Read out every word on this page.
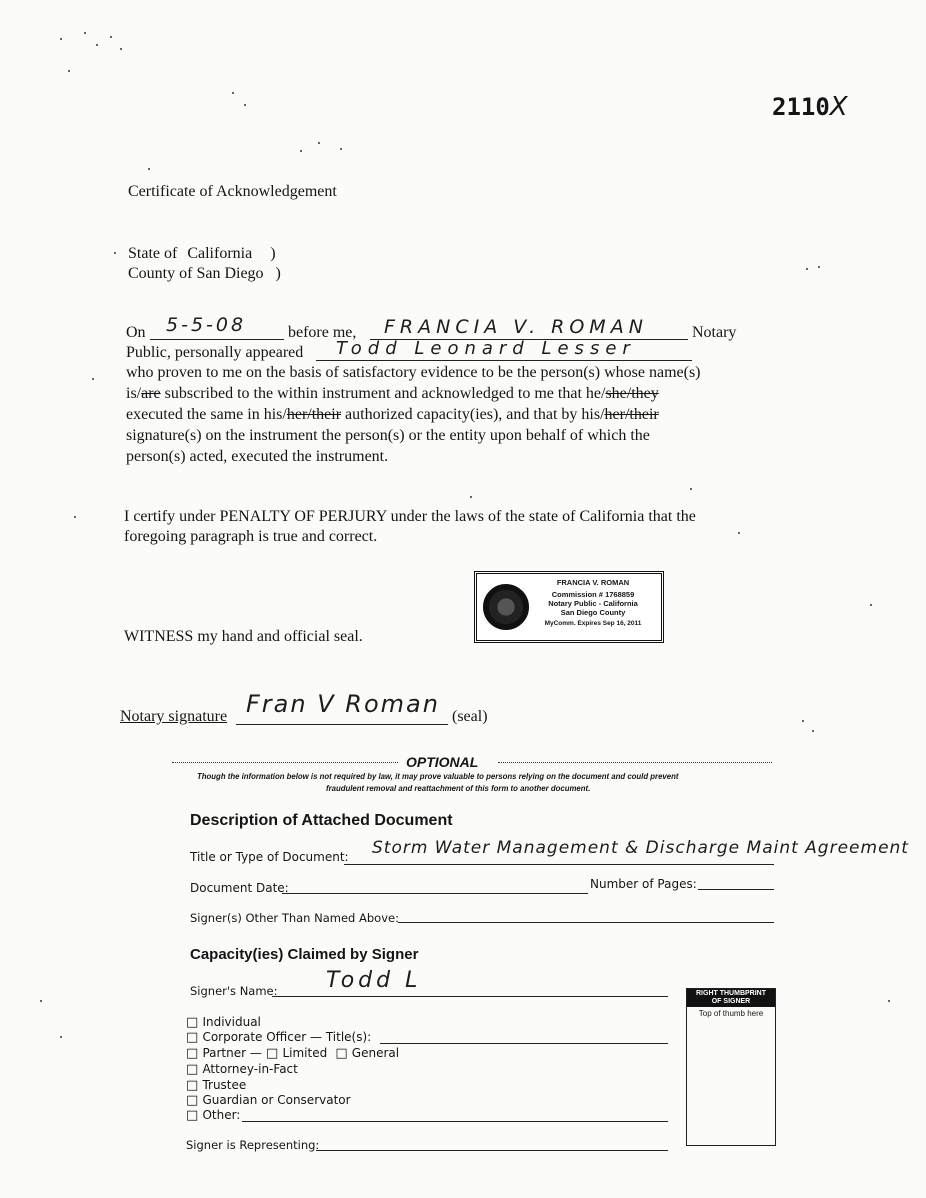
2110X
Certificate of Acknowledgement
State of California )
County of San Diego )
On 5-5-08	before me, FRANCIA V. ROMAN	Notary
Public, personally appeared Todd Leonard Lesser
who proven to me on the basis of satisfactory evidence to be the person(s) whose name(s)
is/are subscribed to the within instrument and acknowledged to me that he/she/they
executed the same in his/her/their authorized capacity(ies), and that by his/her/their
signature(s) on the instrument the person(s) or the entity upon behalf of which the
person(s) acted, executed the instrument.
I certify under PENALTY OF PERJURY under the laws of the state of California that the
foregoing paragraph is true and correct.
FRANCIA V. ROMAN
Commission # 1768859
Notary Public - California
San Diego County
MyComm. Expires Sep 16, 2011
WITNESS my hand and official seal.
Notary signature Fran V Roman (seal)
OPTIONAL
Though the information below is not required by law, it may prove valuable to persons relying on the document and could prevent
fraudulent removal and reattachment of this form to another document.
Description of Attached Document
Title or Type of Document: Storm Water Management & Discharge Maint Agreement
Document Date:	Number of Pages:
Signer(s) Other Than Named Above:
Capacity(ies) Claimed by Signer
Signer's Name: Todd L
□ Individual
□ Corporate Officer — Title(s):
□ Partner — □ Limited □ General
□ Attorney-in-Fact
□ Trustee
□ Guardian or Conservator
□ Other:
Signer is Representing:
RIGHT THUMBPRINT
OF SIGNER
Top of thumb here
